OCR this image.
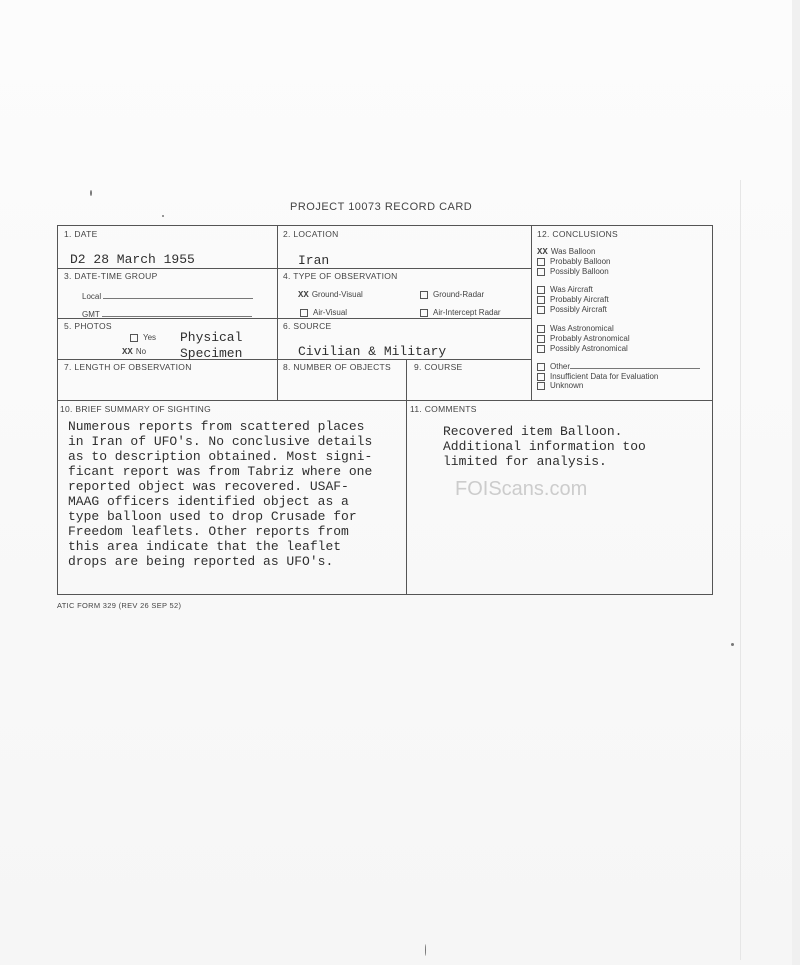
PROJECT 10073 RECORD CARD
1. DATE
D2 28 March 1955
2. LOCATION
Iran
3. DATE-TIME GROUP
Local
GMT
4. TYPE OF OBSERVATION
XX Ground-Visual	Ground-Radar
Air-Visual	Air-Intercept Radar
5. PHOTOS
Yes
XX No
Physical
Specimen
6. SOURCE
Civilian & Military
7. LENGTH OF OBSERVATION	8. NUMBER OF OBJECTS	9. COURSE
12. CONCLUSIONS
XX Was Balloon
Probably Balloon
Possibly Balloon
Was Aircraft
Probably Aircraft
Possibly Aircraft
Was Astronomical
Probably Astronomical
Possibly Astronomical
Other
Insufficient Data for Evaluation
Unknown
10. BRIEF SUMMARY OF SIGHTING
Numerous reports from scattered places
in Iran of UFO's. No conclusive details
as to description obtained. Most signi-
ficant report was from Tabriz where one
reported object was recovered. USAF-
MAAG officers identified object as a
type balloon used to drop Crusade for
Freedom leaflets. Other reports from
this area indicate that the leaflet
drops are being reported as UFO's.
11. COMMENTS
Recovered item Balloon.
Additional information too
limited for analysis.
FOIScans.com
ATIC FORM 329 (REV 26 SEP 52)
